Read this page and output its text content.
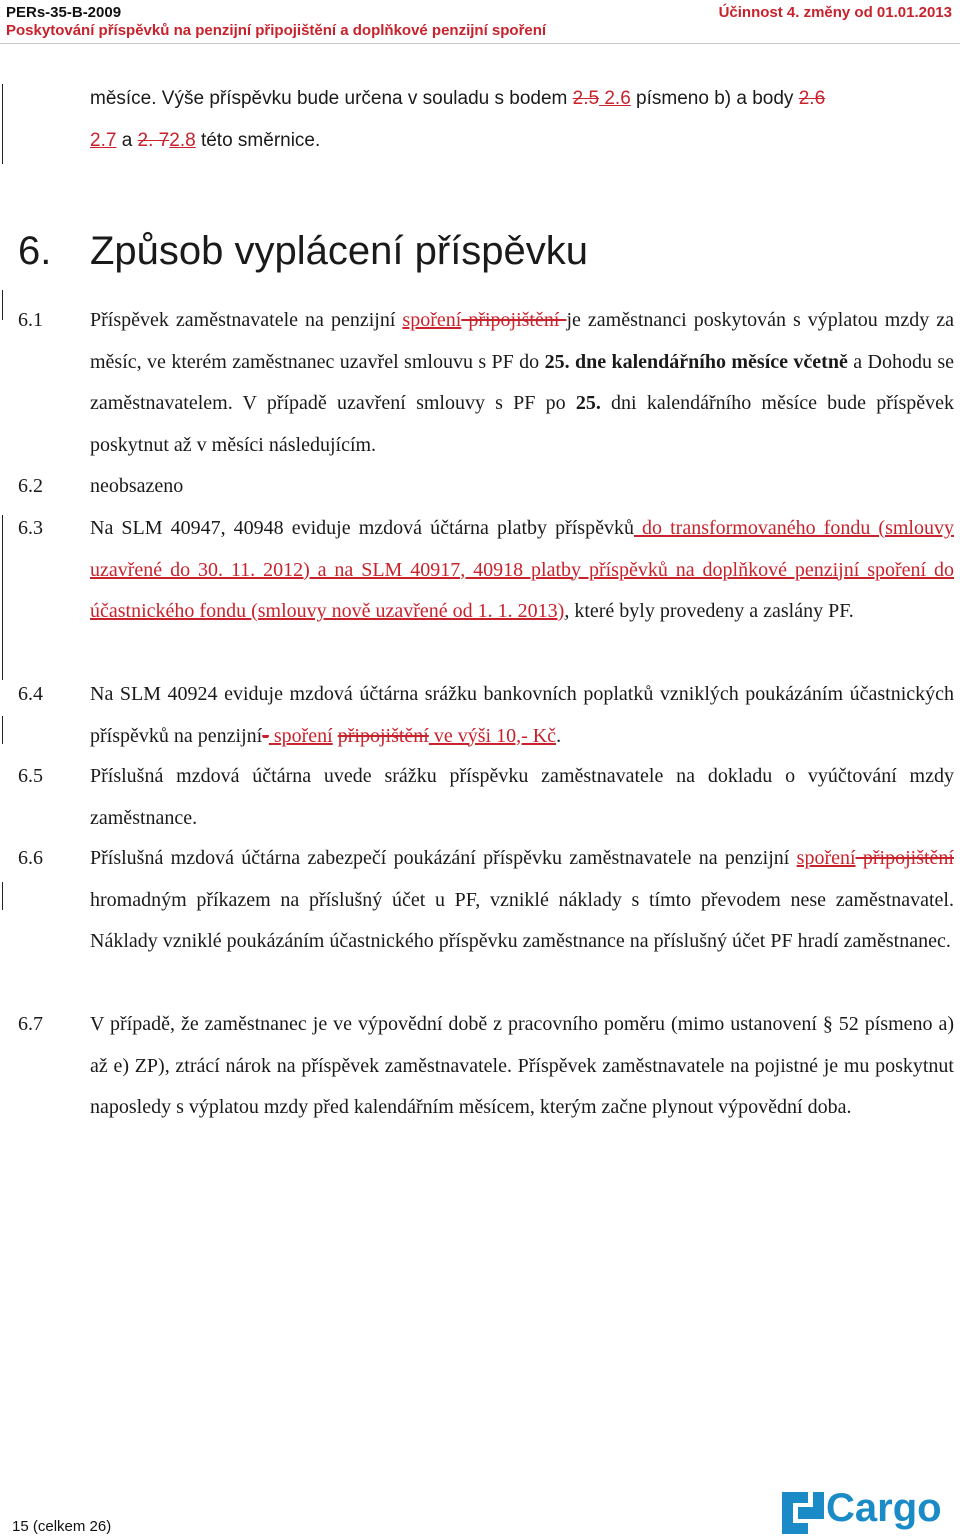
PERs-35-B-2009
Poskytování příspěvků na penzijní připojištění a doplňkové penzijní spoření
Účinnost 4. změny od 01.01.2013
měsíce. Výše příspěvku bude určena v souladu s bodem 2.5 2.6 písmeno b) a body 2.6
2.7 a 2. 72.8 této směrnice.
6. Způsob vyplácení příspěvku
6.1 Příspěvek zaměstnavatele na penzijní spoření připojištění je zaměstnanci poskytován s výplatou mzdy za měsíc, ve kterém zaměstnanec uzavřel smlouvu s PF do 25. dne kalendářního měsíce včetně a Dohodu se zaměstnavatelem. V případě uzavření smlouvy s PF po 25. dni kalendářního měsíce bude příspěvek poskytnut až v měsíci následujícím.
6.2 neobsazeno
6.3 Na SLM 40947, 40948 eviduje mzdová účtárna platby příspěvků do transformovaného fondu (smlouvy uzavřené do 30. 11. 2012) a na SLM 40917, 40918 platby příspěvků na doplňkové penzijní spoření do účastnického fondu (smlouvy nově uzavřené od 1. 1. 2013), které byly provedeny a zaslány PF.
6.4 Na SLM 40924 eviduje mzdová účtárna srážku bankovních poplatků vzniklých poukázáním účastnických příspěvků na penzijní- spoření připojištění ve výši 10,- Kč.
6.5 Příslušná mzdová účtárna uvede srážku příspěvku zaměstnavatele na dokladu o vyúčtování mzdy zaměstnance.
6.6 Příslušná mzdová účtárna zabezpečí poukázání příspěvku zaměstnavatele na penzijní spoření připojištění hromadným příkazem na příslušný účet u PF, vzniklé náklady s tímto převodem nese zaměstnavatel. Náklady vzniklé poukázáním účastnického příspěvku zaměstnance na příslušný účet PF hradí zaměstnanec.
6.7 V případě, že zaměstnanec je ve výpovědní době z pracovního poměru (mimo ustanovení § 52 písmeno a) až e) ZP), ztrácí nárok na příspěvek zaměstnavatele. Příspěvek zaměstnavatele na pojistné je mu poskytnut naposledy s výplatou mzdy před kalendářním měsícem, kterým začne plynout výpovědní doba.
15 (celkem 26)	Cargo
